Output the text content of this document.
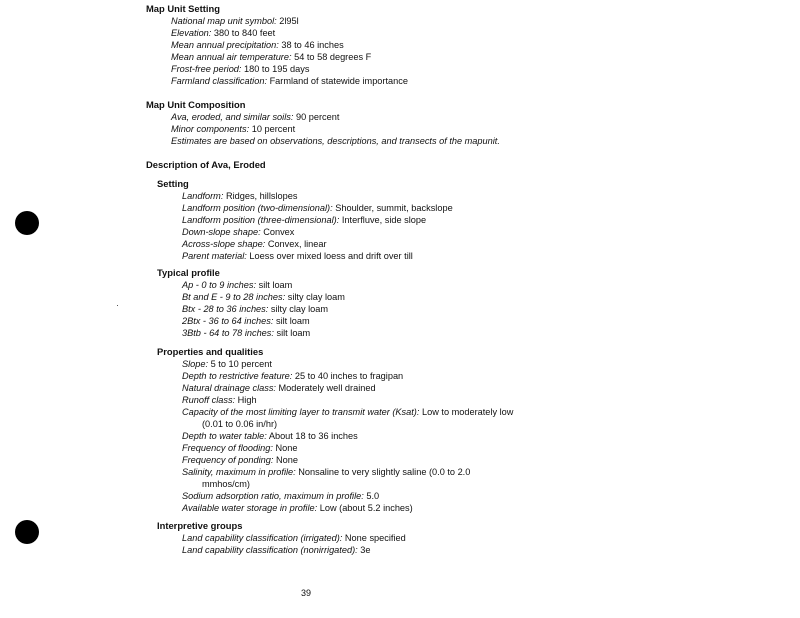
Map Unit Setting
National map unit symbol: 2l95l
Elevation: 380 to 840 feet
Mean annual precipitation: 38 to 46 inches
Mean annual air temperature: 54 to 58 degrees F
Frost-free period: 180 to 195 days
Farmland classification: Farmland of statewide importance
Map Unit Composition
Ava, eroded, and similar soils: 90 percent
Minor components: 10 percent
Estimates are based on observations, descriptions, and transects of the mapunit.
Description of Ava, Eroded
Setting
Landform: Ridges, hillslopes
Landform position (two-dimensional): Shoulder, summit, backslope
Landform position (three-dimensional): Interfluve, side slope
Down-slope shape: Convex
Across-slope shape: Convex, linear
Parent material: Loess over mixed loess and drift over till
Typical profile
Ap - 0 to 9 inches: silt loam
Bt and E - 9 to 28 inches: silty clay loam
Btx - 28 to 36 inches: silty clay loam
2Btx - 36 to 64 inches: silt loam
3Btb - 64 to 78 inches: silt loam
Properties and qualities
Slope: 5 to 10 percent
Depth to restrictive feature: 25 to 40 inches to fragipan
Natural drainage class: Moderately well drained
Runoff class: High
Capacity of the most limiting layer to transmit water (Ksat): Low to moderately low
(0.01 to 0.06 in/hr)
Depth to water table: About 18 to 36 inches
Frequency of flooding: None
Frequency of ponding: None
Salinity, maximum in profile: Nonsaline to very slightly saline (0.0 to 2.0
mmhos/cm)
Sodium adsorption ratio, maximum in profile: 5.0
Available water storage in profile: Low (about 5.2 inches)
Interpretive groups
Land capability classification (irrigated): None specified
Land capability classification (nonirrigated): 3e
39
